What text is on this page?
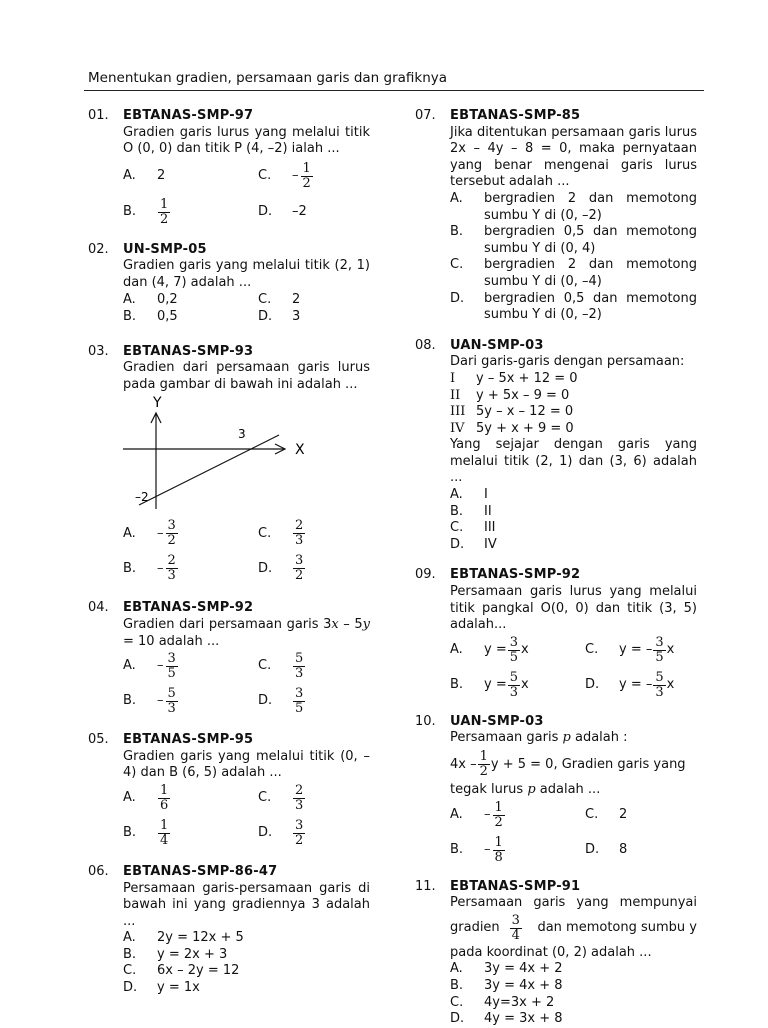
Menentukan gradien, persamaan garis dan grafiknya
01. EBTANAS-SMP-97
Gradien garis lurus yang melalui titik O (0, 0) dan titik P (4, –2) ialah ...
A.	2	C.	– $\frac{1}{2}$
B.	$\frac{1}{2}$	D.	–2
02. UN-SMP-05
Gradien garis yang melalui titik (2, 1) dan (4, 7) adalah ...
A.	0,2	C.	2
B.	0,5	D.	3
03. EBTANAS-SMP-93
Gradien dari persamaan garis lurus pada gambar di bawah ini adalah ...
Y
X
3
–2
A.	– $\frac{3}{2}$	C.	$\frac{2}{3}$
B.	– $\frac{2}{3}$	D.	$\frac{3}{2}$
04. EBTANAS-SMP-92
Gradien dari persamaan garis 3x – 5y = 10 adalah ...
A.	– $\frac{3}{5}$	C.	$\frac{5}{3}$
B.	– $\frac{5}{3}$	D.	$\frac{3}{5}$
05. EBTANAS-SMP-95
Gradien garis yang melalui titik (0, –4) dan B (6, 5) adalah ...
A.	$\frac{1}{6}$	C.	$\frac{2}{3}$
B.	$\frac{1}{4}$	D.	$\frac{3}{2}$
06. EBTANAS-SMP-86-47
Persamaan garis-persamaan garis di bawah ini yang gradiennya 3 adalah ...
A.	2y = 12x + 5
B.	y = 2x + 3
C.	6x – 2y = 12
D.	y = 1x
07. EBTANAS-SMP-85
Jika ditentukan persamaan garis lurus 2x – 4y – 8 = 0, maka pernyataan yang benar mengenai garis lurus tersebut adalah ...
A.	bergradien 2 dan memotong sumbu Y di (0, –2)
B.	bergradien 0,5 dan memotong sumbu Y di (0, 4)
C.	bergradien 2 dan memotong sumbu Y di (0, –4)
D.	bergradien 0,5 dan memotong sumbu Y di (0, –2)
08. UAN-SMP-03
Dari garis-garis dengan persamaan:
I y – 5x + 12 = 0
II y + 5x – 9 = 0
III 5y – x – 12 = 0
IV 5y + x + 9 = 0
Yang sejajar dengan garis yang melalui titik (2, 1) dan (3, 6) adalah ...
A.	I
B.	II
C.	III
D.	IV
09. EBTANAS-SMP-92
Persamaan garis lurus yang melalui titik pangkal O(0, 0) dan titik (3, 5) adalah...
A.	$y = \frac{3}{5}$ x	C.	y = – $\frac{3}{5}$ x
B.	$y = \frac{5}{3}$ x	D.	y = – $\frac{5}{3}$ x
10. UAN-SMP-03
Persamaan garis p adalah :
$4x - \frac{1}{2}$ y + 5 = 0, Gradien garis yang
tegak lurus p adalah ...
A.	– $\frac{1}{2}$	C.	2
B.	– $\frac{1}{8}$	D.	8
11. EBTANAS-SMP-91
Persamaan garis yang mempunyai
gradien $\frac{3}{4}$	dan memotong sumbu y
pada koordinat (0, 2) adalah ...
A.	3y = 4x + 2
B.	3y = 4x + 8
C.	4y=3x + 2
D.	4y = 3x + 8
